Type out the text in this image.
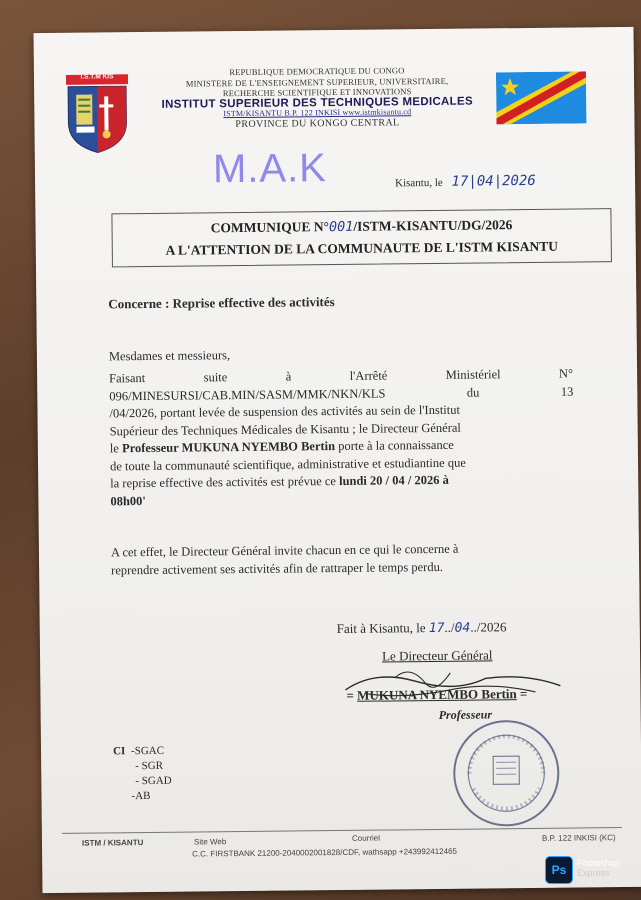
I.S.T.M KIS	REPUBLIQUE DEMOCRATIQUE DU CONGO
MINISTERE DE L'ENSEIGNEMENT SUPERIEUR, UNIVERSITAIRE,
RECHERCHE SCIENTIFIQUE ET INNOVATIONS
INSTITUT SUPERIEUR DES TECHNIQUES MEDICALES
ISTM/KISANTU B.P. 122 INKISI www.istmkisantu.cd
PROVINCE DU KONGO CENTRAL
M.A.K	Kisantu, le 17|04|2026
COMMUNIQUE N°001/ISTM-KISANTU/DG/2026
A L'ATTENTION DE LA COMMUNAUTE DE L'ISTM KISANTU
Concerne : Reprise effective des activités
Mesdames et messieurs,
Faisant	suite	à	l'Arrêté	Ministériel	N°
096/MINESURSI/CAB.MIN/SASM/MMK/NKN/KLS	du	13
/04/2026, portant levée de suspension des activités au sein de l'Institut
Supérieur des Techniques Médicales de Kisantu ; le Directeur Général
le Professeur MUKUNA NYEMBO Bertin porte à la connaissance
de toute la communauté scientifique, administrative et estudiantine que
la reprise effective des activités est prévue ce lundi 20 / 04 / 2026 à
08h00'
A cet effet, le Directeur Général invite chacun en ce qui le concerne à
reprendre activement ses activités afin de rattraper le temps perdu.
Fait à Kisantu, le 17../04../2026
Le Directeur Général
= MUKUNA NYEMBO Bertin =
Professeur
CI -SGAC
- SGR
- SGAD
-AB
ISTM / KISANTU	Site Web	Courriel	B.P. 122 INKISI (KC)
C.C. FIRSTBANK 21200-2040002001828/CDF, wathsapp +243992412465
Ps	Photoshop
Express
